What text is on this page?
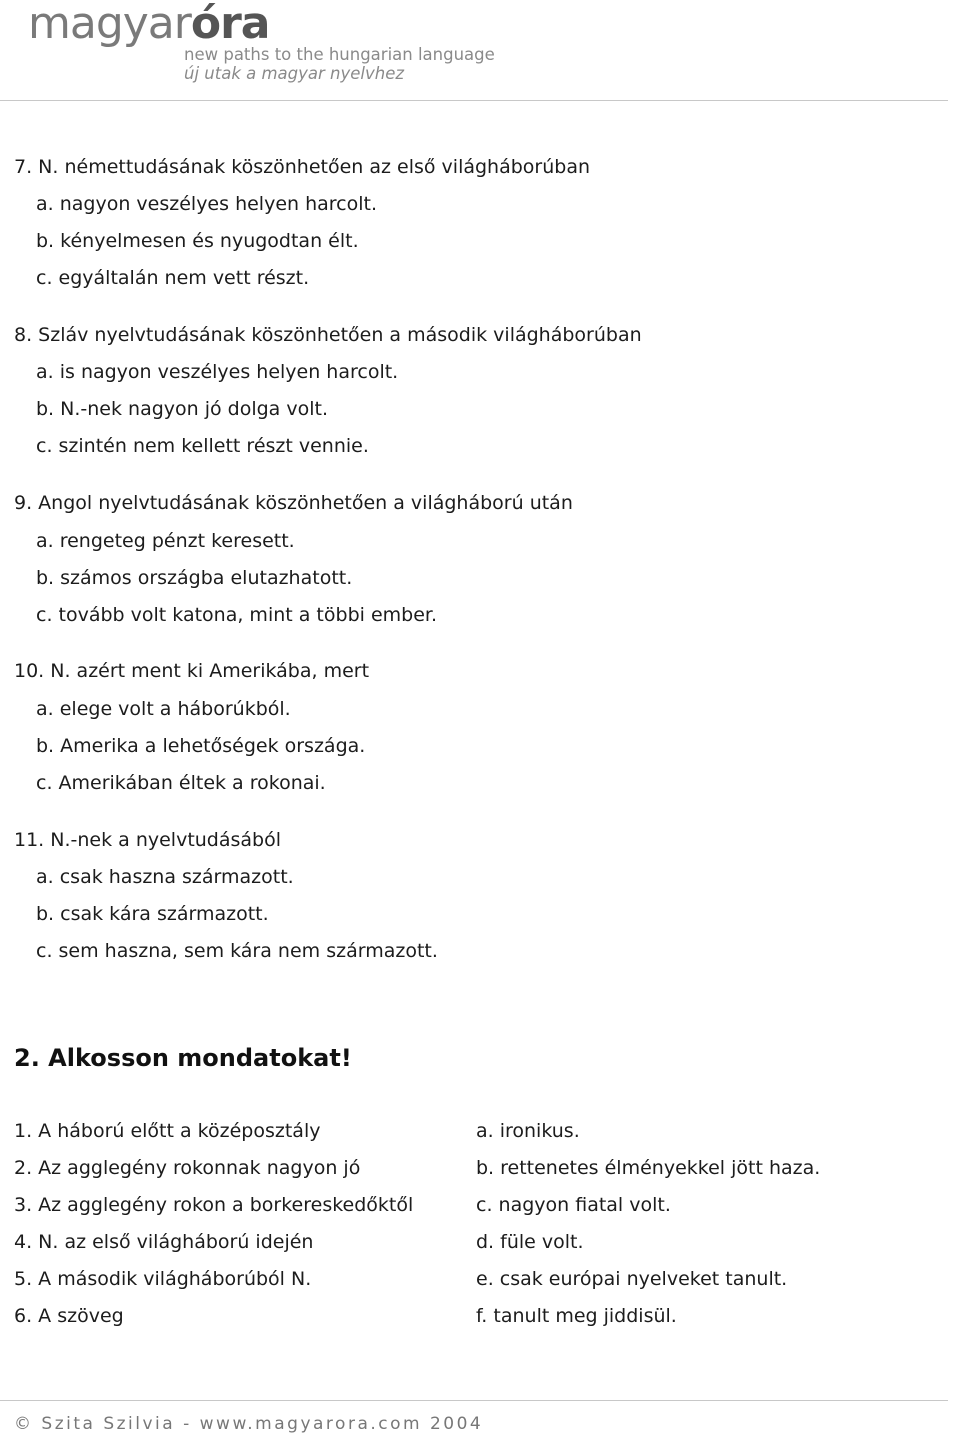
magyaróra
new paths to the hungarian language
új utak a magyar nyelvhez
7. N. némettudásának köszönhetően az első világháborúban
a. nagyon veszélyes helyen harcolt.
b. kényelmesen és nyugodtan élt.
c. egyáltalán nem vett részt.
8. Szláv nyelvtudásának köszönhetően a második világháborúban
a. is nagyon veszélyes helyen harcolt.
b. N.-nek nagyon jó dolga volt.
c. szintén nem kellett részt vennie.
9. Angol nyelvtudásának köszönhetően a világháború után
a. rengeteg pénzt keresett.
b. számos országba elutazhatott.
c. tovább volt katona, mint a többi ember.
10. N. azért ment ki Amerikába, mert
a. elege volt a háborúkból.
b. Amerika a lehetőségek országa.
c. Amerikában éltek a rokonai.
11. N.-nek a nyelvtudásából
a. csak haszna származott.
b. csak kára származott.
c. sem haszna, sem kára nem származott.
2. Alkosson mondatokat!
1. A háború előtt a középosztály
2. Az agglegény rokonnak nagyon jó
3. Az agglegény rokon a borkereskedőktől
4. N. az első világháború idején
5. A második világháborúból N.
6. A szöveg
a. ironikus.
b. rettenetes élményekkel jött haza.
c. nagyon fiatal volt.
d. füle volt.
e. csak európai nyelveket tanult.
f. tanult meg jiddisül.
© Szita Szilvia - www.magyarora.com 2004
